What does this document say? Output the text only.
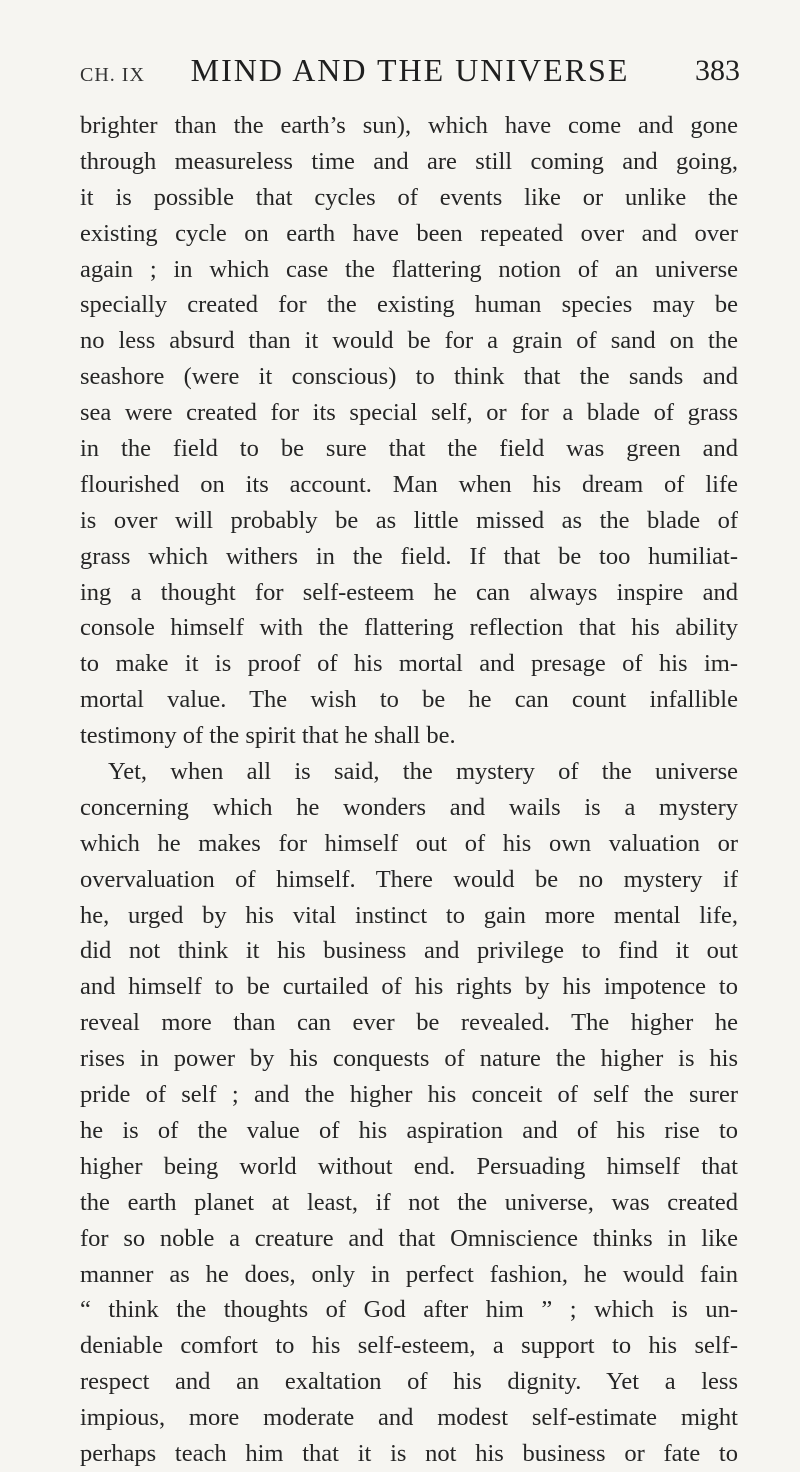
CH. IX	MIND AND THE UNIVERSE	383
brighter than the earth’s sun), which have come and gone
through measureless time and are still coming and going,
it is possible that cycles of events like or unlike the
existing cycle on earth have been repeated over and over
again ; in which case the flattering notion of an universe
specially created for the existing human species may be
no less absurd than it would be for a grain of sand on the
seashore (were it conscious) to think that the sands and
sea were created for its special self, or for a blade of grass
in the field to be sure that the field was green and
flourished on its account. Man when his dream of life
is over will probably be as little missed as the blade of
grass which withers in the field. If that be too humiliat-
ing a thought for self-esteem he can always inspire and
console himself with the flattering reflection that his ability
to make it is proof of his mortal and presage of his im-
mortal value. The wish to be he can count infallible
testimony of the spirit that he shall be.
Yet, when all is said, the mystery of the universe
concerning which he wonders and wails is a mystery
which he makes for himself out of his own valuation or
overvaluation of himself. There would be no mystery if
he, urged by his vital instinct to gain more mental life,
did not think it his business and privilege to find it out
and himself to be curtailed of his rights by his impotence to
reveal more than can ever be revealed. The higher he
rises in power by his conquests of nature the higher is his
pride of self ; and the higher his conceit of self the surer
he is of the value of his aspiration and of his rise to
higher being world without end. Persuading himself that
the earth planet at least, if not the universe, was created
for so noble a creature and that Omniscience thinks in like
manner as he does, only in perfect fashion, he would fain
“ think the thoughts of God after him ” ; which is un-
deniable comfort to his self-esteem, a support to his self-
respect and an exaltation of his dignity. Yet a less
impious, more moderate and modest self-estimate might
perhaps teach him that it is not his business or fate to
